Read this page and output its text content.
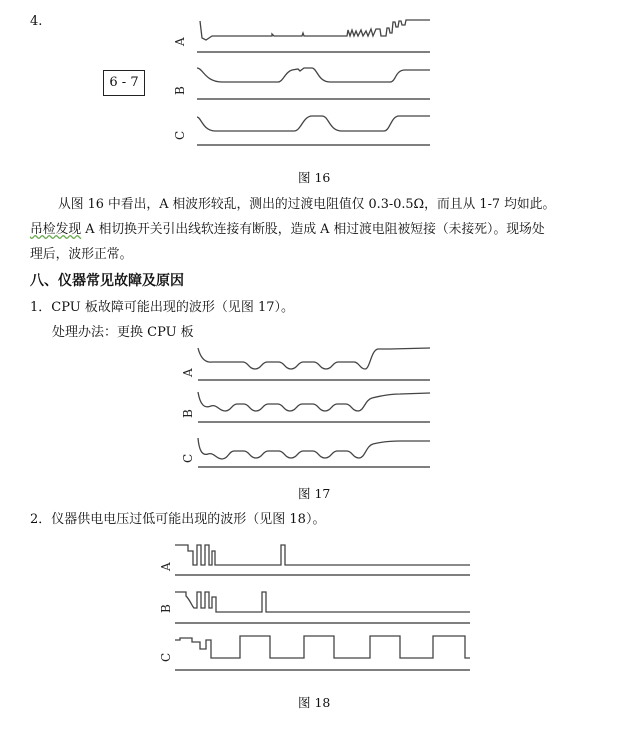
4.
6 - 7
图 16
从图 16 中看出，A 相波形较乱，测出的过渡电阻值仅 0.3-0.5Ω，而且从 1-7 均如此。
吊检发现 A 相切换开关引出线软连接有断股，造成 A 相过渡电阻被短接（未接死）。现场处
理后，波形正常。
八、仪器常见故障及原因
1．CPU 板故障可能出现的波形（见图 17）。
处理办法：更换 CPU 板
图 17
2．仪器供电电压过低可能出现的波形（见图 18）。
图 18
A
B
C
A
B
C
A
B
C
